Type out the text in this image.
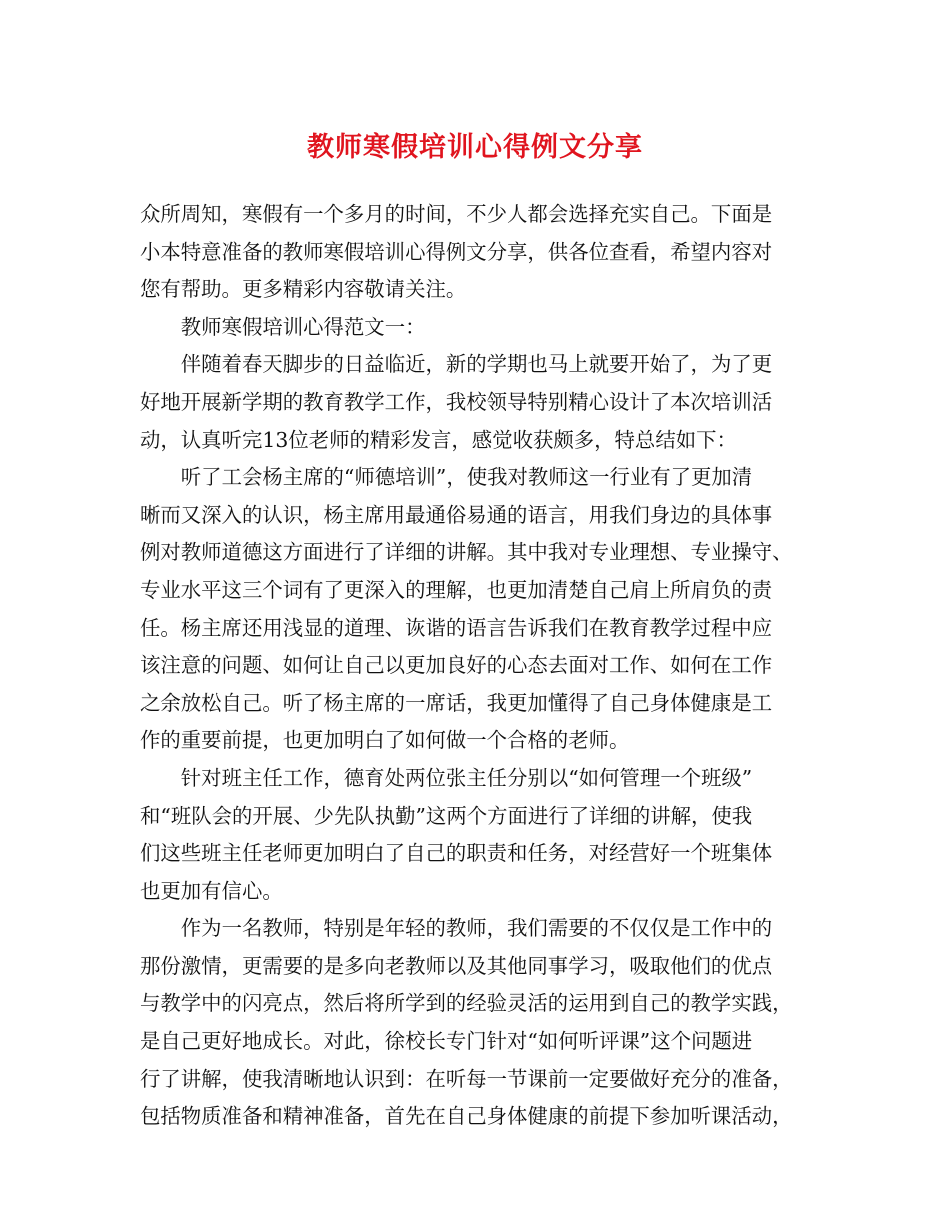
教师寒假培训心得例文分享
众所周知，寒假有一个多月的时间，不少人都会选择充实自己。下面是
小本特意准备的教师寒假培训心得例文分享，供各位查看，希望内容对
您有帮助。更多精彩内容敬请关注。
教师寒假培训心得范文一：
伴随着春天脚步的日益临近，新的学期也马上就要开始了，为了更
好地开展新学期的教育教学工作，我校领导特别精心设计了本次培训活
动，认真听完13位老师的精彩发言，感觉收获颇多，特总结如下：
听了工会杨主席的“师德培训”，使我对教师这一行业有了更加清
晰而又深入的认识，杨主席用最通俗易通的语言，用我们身边的具体事
例对教师道德这方面进行了详细的讲解。其中我对专业理想、专业操守、
专业水平这三个词有了更深入的理解，也更加清楚自己肩上所肩负的责
任。杨主席还用浅显的道理、诙谐的语言告诉我们在教育教学过程中应
该注意的问题、如何让自己以更加良好的心态去面对工作、如何在工作
之余放松自己。听了杨主席的一席话，我更加懂得了自己身体健康是工
作的重要前提，也更加明白了如何做一个合格的老师。
针对班主任工作，德育处两位张主任分别以“如何管理一个班级”
和“班队会的开展、少先队执勤”这两个方面进行了详细的讲解，使我
们这些班主任老师更加明白了自己的职责和任务，对经营好一个班集体
也更加有信心。
作为一名教师，特别是年轻的教师，我们需要的不仅仅是工作中的
那份激情，更需要的是多向老教师以及其他同事学习，吸取他们的优点
与教学中的闪亮点，然后将所学到的经验灵活的运用到自己的教学实践，
是自己更好地成长。对此，徐校长专门针对“如何听评课”这个问题进
行了讲解，使我清晰地认识到：在听每一节课前一定要做好充分的准备，
包括物质准备和精神准备，首先在自己身体健康的前提下参加听课活动，
